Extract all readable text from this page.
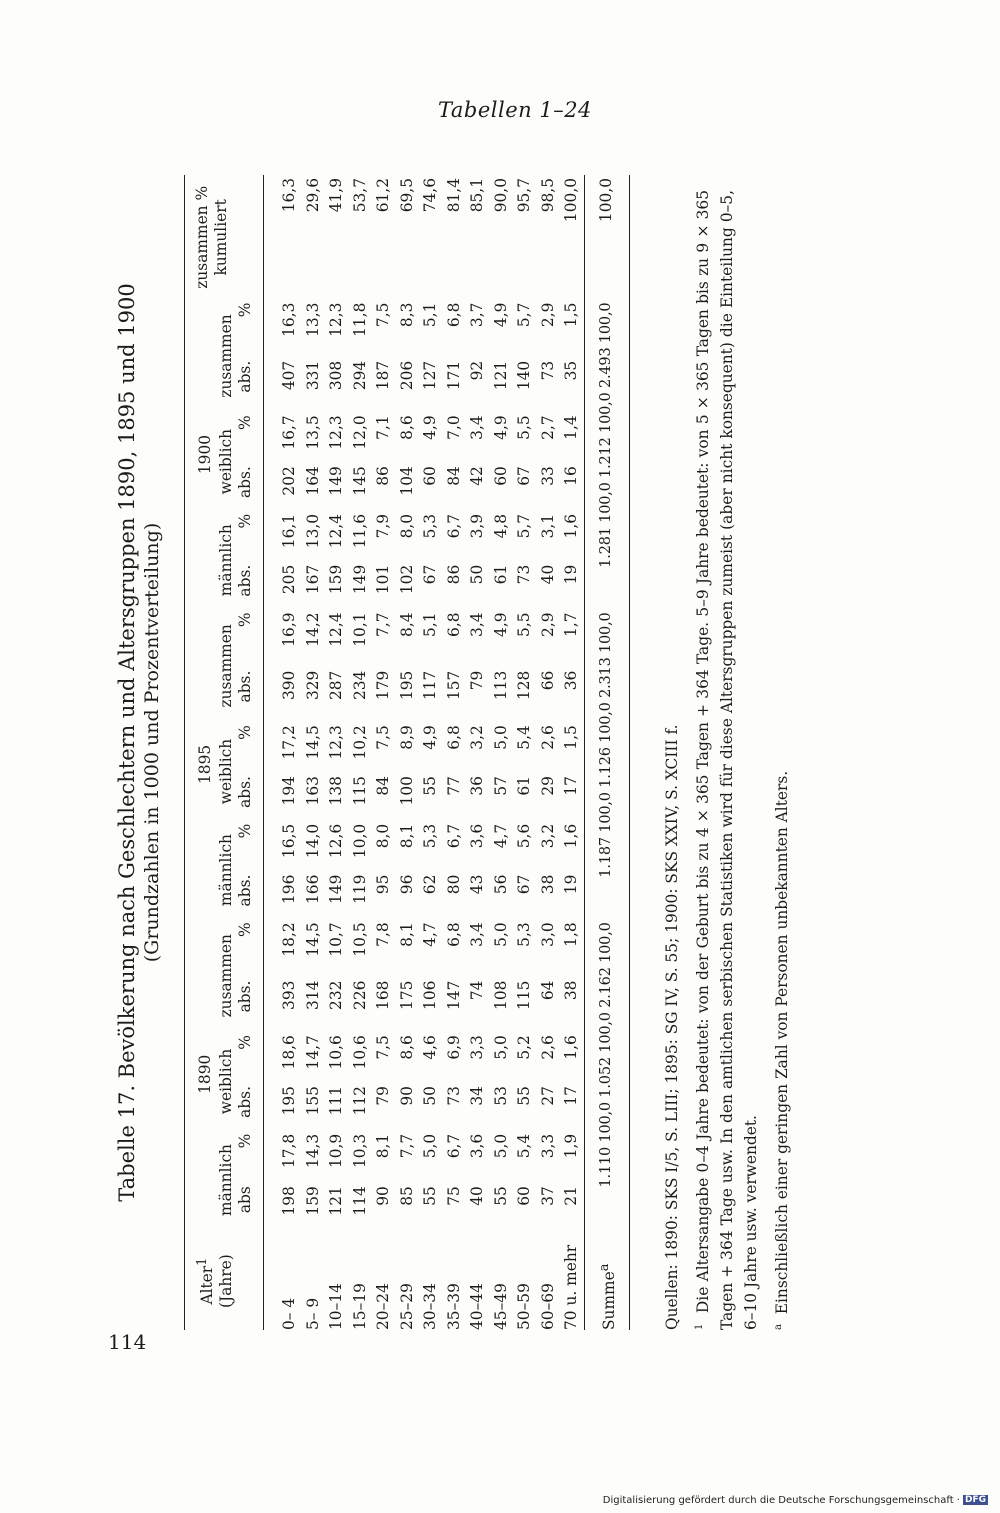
Tabellen 1–24
Tabelle 17. Bevölkerung nach Geschlechtern und Altersgruppen 1890, 1895 und 1900 (Grundzahlen in 1000 und Prozentverteilung)
Alter$^1$	1890						1895						1900						zusammen %
kumuliert
(Jahre)	männlich		weiblich		zusammen		männlich		weiblich		zusammen		männlich		weiblich		zusammen		
	abs	%	abs.	%	abs.	%	abs.	%	abs.	%	abs.	%	abs.	%	abs.	%	abs.	%	
0– 4	198	17,8	195	18,6	393	18,2	196	16,5	194	17,2	390	16,9	205	16,1	202	16,7	407	16,3	16,3
5– 9	159	14,3	155	14,7	314	14,5	166	14,0	163	14,5	329	14,2	167	13,0	164	13,5	331	13,3	29,6
10–14	121	10,9	111	10,6	232	10,7	149	12,6	138	12,3	287	12,4	159	12,4	149	12,3	308	12,3	41,9
15–19	114	10,3	112	10,6	226	10,5	119	10,0	115	10,2	234	10,1	149	11,6	145	12,0	294	11,8	53,7
20–24	90	8,1	79	7,5	168	7,8	95	8,0	84	7,5	179	7,7	101	7,9	86	7,1	187	7,5	61,2
25–29	85	7,7	90	8,6	175	8,1	96	8,1	100	8,9	195	8,4	102	8,0	104	8,6	206	8,3	69,5
30–34	55	5,0	50	4,6	106	4,7	62	5,3	55	4,9	117	5,1	67	5,3	60	4,9	127	5,1	74,6
35–39	75	6,7	73	6,9	147	6,8	80	6,7	77	6,8	157	6,8	86	6,7	84	7,0	171	6,8	81,4
40–44	40	3,6	34	3,3	74	3,4	43	3,6	36	3,2	79	3,4	50	3,9	42	3,4	92	3,7	85,1
45–49	55	5,0	53	5,0	108	5,0	56	4,7	57	5,0	113	4,9	61	4,8	60	4,9	121	4,9	90,0
50–59	60	5,4	55	5,2	115	5,3	67	5,6	61	5,4	128	5,5	73	5,7	67	5,5	140	5,7	95,7
60–69	37	3,3	27	2,6	64	3,0	38	3,2	29	2,6	66	2,9	40	3,1	33	2,7	73	2,9	98,5
70 u. mehr	21	1,9	17	1,6	38	1,8	19	1,6	17	1,5	36	1,7	19	1,6	16	1,4	35	1,5	100,0
Summe$^a$	1.110 100,0 1.052 100,0 2.162 100,0						1.187 100,0 1.126 100,0 2.313 100,0						1.281 100,0 1.212 100,0 2.493 100,0						100,0

Quellen: 1890: SKS I/5, S. LIII; 1895: SG IV, S. 55; 1900: SKS XXIV, S. XCIII f.	$^1$  Die Altersangabe 0–4 Jahre bedeutet: von der Geburt bis zu 4 × 365 Tagen + 364 Tage. 5–9 Jahre bedeutet: von 5 × 365 Tagen bis zu 9 × 365 Tagen + 364 Tage usw. In den amtlichen serbischen Statistiken wird für diese Altersgruppen zumeist (aber nicht konsequent) die Einteilung 0–5, 6–10 Jahre usw. verwendet.	$^a$  Einschließlich einer geringen Zahl von Personen unbekannten Alters.

114
Digitalisierung gefördert durch die Deutsche Forschungsgemeinschaft · DFG
